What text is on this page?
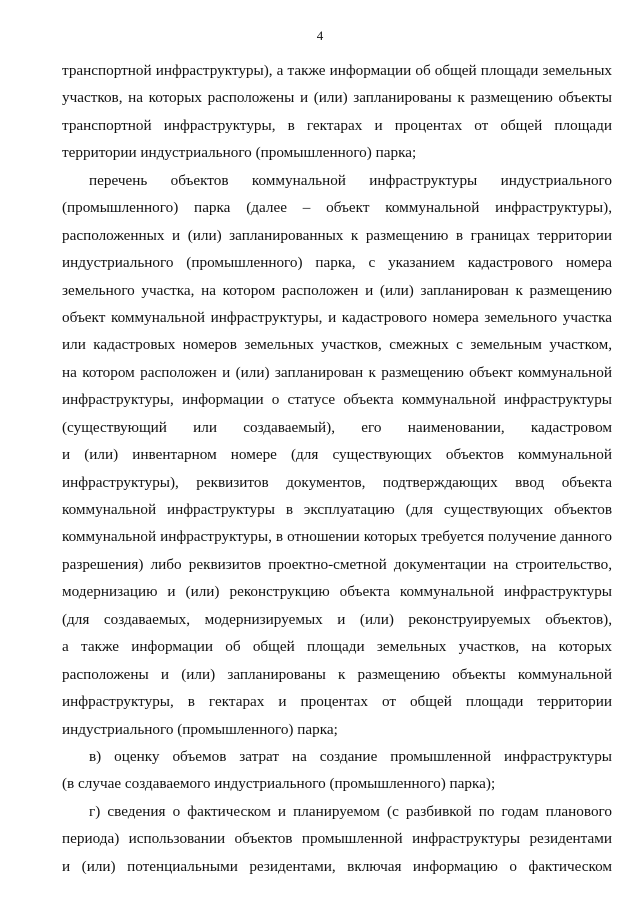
4
транспортной инфраструктуры), а также информации об общей площади земельных
участков, на которых расположены и (или) запланированы к размещению объекты
транспортной инфраструктуры, в гектарах и процентах от общей площади
территории индустриального (промышленного) парка;
перечень объектов коммунальной инфраструктуры индустриального
(промышленного) парка (далее – объект коммунальной инфраструктуры),
расположенных и (или) запланированных к размещению в границах территории
индустриального (промышленного) парка, с указанием кадастрового номера
земельного участка, на котором расположен и (или) запланирован к размещению
объект коммунальной инфраструктуры, и кадастрового номера земельного участка
или кадастровых номеров земельных участков, смежных с земельным участком,
на котором расположен и (или) запланирован к размещению объект коммунальной
инфраструктуры, информации о статусе объекта коммунальной инфраструктуры
(существующий или создаваемый), его наименовании, кадастровом
и (или) инвентарном номере (для существующих объектов коммунальной
инфраструктуры), реквизитов документов, подтверждающих ввод объекта
коммунальной инфраструктуры в эксплуатацию (для существующих объектов
коммунальной инфраструктуры, в отношении которых требуется получение данного
разрешения) либо реквизитов проектно-сметной документации на строительство,
модернизацию и (или) реконструкцию объекта коммунальной инфраструктуры
(для создаваемых, модернизируемых и (или) реконструируемых объектов),
а также информации об общей площади земельных участков, на которых
расположены и (или) запланированы к размещению объекты коммунальной
инфраструктуры, в гектарах и процентах от общей площади территории
индустриального (промышленного) парка;
в) оценку объемов затрат на создание промышленной инфраструктуры
(в случае создаваемого индустриального (промышленного) парка);
г) сведения о фактическом и планируемом (с разбивкой по годам планового
периода) использовании объектов промышленной инфраструктуры резидентами
и (или) потенциальными резидентами, включая информацию о фактическом
